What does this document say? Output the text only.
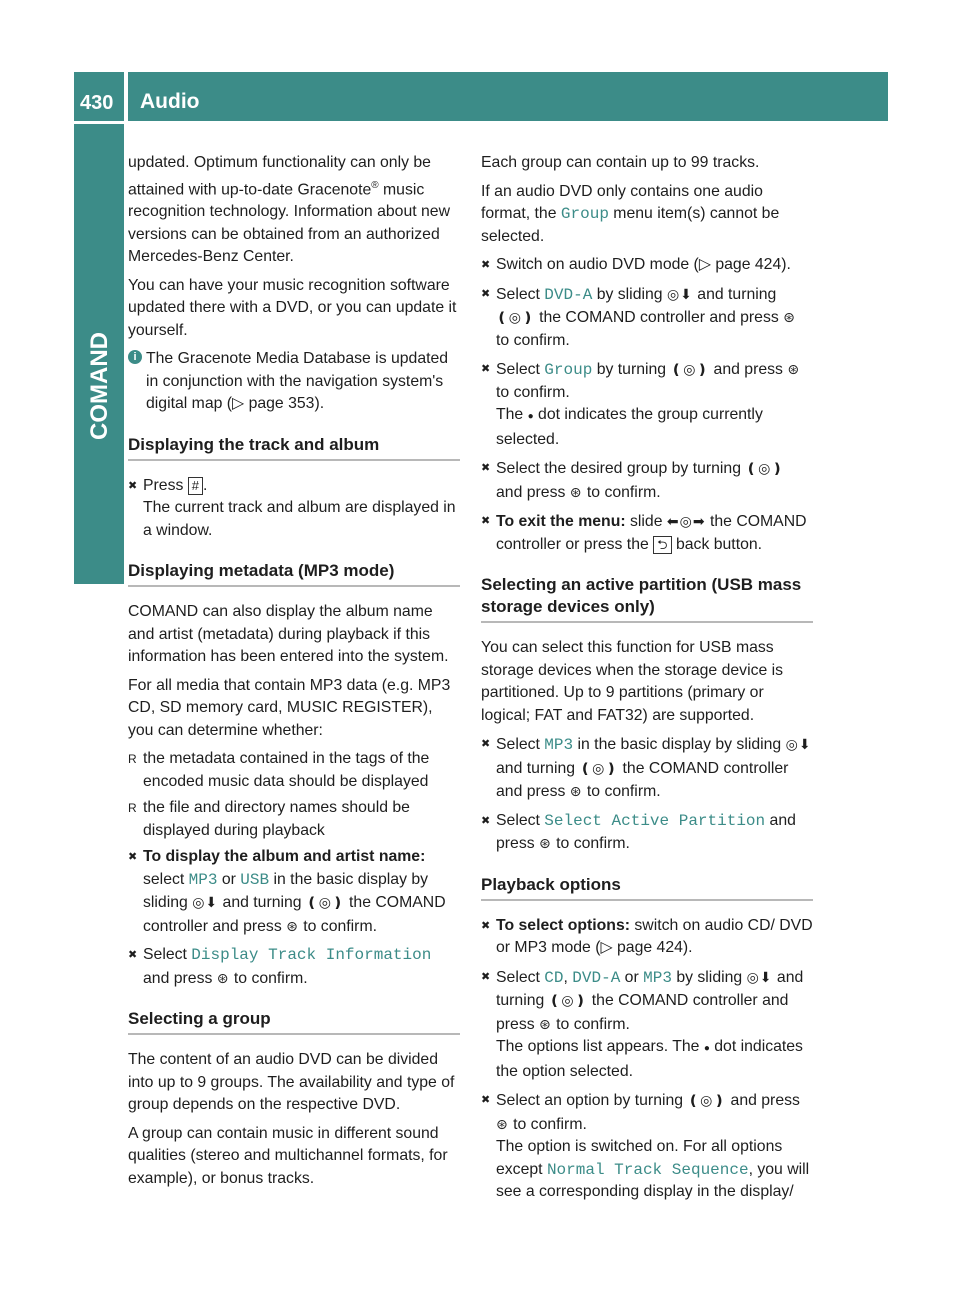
430 Audio
COMAND

updated. Optimum functionality can only be attained with up-to-date Gracenote® music recognition technology. Information about new versions can be obtained from an authorized Mercedes-Benz Center.

You can have your music recognition software updated there with a DVD, or you can update it yourself.

i The Gracenote Media Database is updated in conjunction with the navigation system's digital map (▷ page 353).
Displaying the track and album
✖ Press # .
The current track and album are displayed in a window.
Displaying metadata (MP3 mode)

COMAND can also display the album name and artist (metadata) during playback if this information has been entered into the system.

For all media that contain MP3 data (e.g. MP3 CD, SD memory card, MUSIC REGISTER), you can determine whether:

R the metadata contained in the tags of the encoded music data should be displayed
R the file and directory names should be displayed during playback
✖ To display the album and artist name:
select MP3 or USB in the basic display by sliding ◎⬇ and turning ❪◎❫ the COMAND controller and press ⊛ to confirm.
✖ Select Display Track Information and press ⊛ to confirm.
Selecting a group

The content of an audio DVD can be divided into up to 9 groups. The availability and type of group depends on the respective DVD.

A group can contain music in different sound qualities (stereo and multichannel formats, for example), or bonus tracks.

Each group can contain up to 99 tracks.

If an audio DVD only contains one audio format, the Group menu item(s) cannot be selected.

✖ Switch on audio DVD mode (▷ page 424).
✖ Select DVD-A by sliding ◎⬇ and turning ❪◎❫ the COMAND controller and press ⊛ to confirm.
✖ Select Group by turning ❪◎❫ and press ⊛ to confirm.
The ● dot indicates the group currently selected.
✖ Select the desired group by turning ❪◎❫ and press ⊛ to confirm.
✖ To exit the menu: slide ⬅◎➡ the COMAND controller or press the ⮌ back button.
Selecting an active partition (USB mass storage devices only)

You can select this function for USB mass storage devices when the storage device is partitioned. Up to 9 partitions (primary or logical; FAT and FAT32) are supported.

✖ Select MP3 in the basic display by sliding ◎⬇ and turning ❪◎❫ the COMAND controller and press ⊛ to confirm.
✖ Select Select Active Partition and press ⊛ to confirm.
Playback options
✖ To select options: switch on audio CD/ DVD or MP3 mode (▷ page 424).
✖ Select CD, DVD-A or MP3 by sliding ◎⬇ and turning ❪◎❫ the COMAND controller and press ⊛ to confirm.
The options list appears. The ● dot indicates the option selected.
✖ Select an option by turning ❪◎❫ and press ⊛ to confirm.
The option is switched on. For all options except Normal Track Sequence, you will see a corresponding display in the display/
